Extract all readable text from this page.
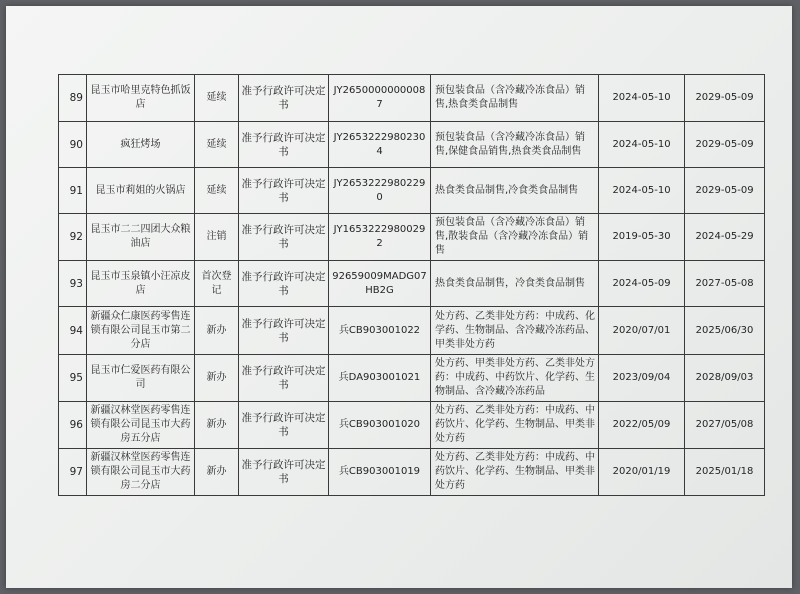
89	昆玉市哈里克特色抓饭店	延续	准予行政许可决定书	JY26500000000087	预包装食品（含冷藏冷冻食品）销售,热食类食品制售	2024-05-10	2029-05-09
90	疯狂烤场	延续	准予行政许可决定书	JY26532229802304	预包装食品（含冷藏冷冻食品）销售,保健食品销售,热食类食品制售	2024-05-10	2029-05-09
91	昆玉市莉姐的火锅店	延续	准予行政许可决定书	JY26532229802290	热食类食品制售,冷食类食品制售	2024-05-10	2029-05-09
92	昆玉市二二四团大众粮油店	注销	准予行政许可决定书	JY16532229800292	预包装食品（含冷藏冷冻食品）销售,散装食品（含冷藏冷冻食品）销售	2019-05-30	2024-05-29
93	昆玉市玉泉镇小汪凉皮店	首次登记	准予行政许可决定书	92659009MADG07HB2G	热食类食品制售，冷食类食品制售	2024-05-09	2027-05-08
94	新疆众仁康医药零售连锁有限公司昆玉市第二分店	新办	准予行政许可决定书	兵CB903001022	处方药、乙类非处方药：中成药、化学药、生物制品、含冷藏冷冻药品、甲类非处方药	2020/07/01	2025/06/30
95	昆玉市仁爱医药有限公司	新办	准予行政许可决定书	兵DA903001021	处方药、甲类非处方药、乙类非处方药：中成药、中药饮片、化学药、生物制品、含冷藏冷冻药品	2023/09/04	2028/09/03
96	新疆汉林堂医药零售连锁有限公司昆玉市大药房五分店	新办	准予行政许可决定书	兵CB903001020	处方药、乙类非处方药：中成药、中药饮片、化学药、生物制品、甲类非处方药	2022/05/09	2027/05/08
97	新疆汉林堂医药零售连锁有限公司昆玉市大药房二分店	新办	准予行政许可决定书	兵CB903001019	处方药、乙类非处方药：中成药、中药饮片、化学药、生物制品、甲类非处方药	2020/01/19	2025/01/18
